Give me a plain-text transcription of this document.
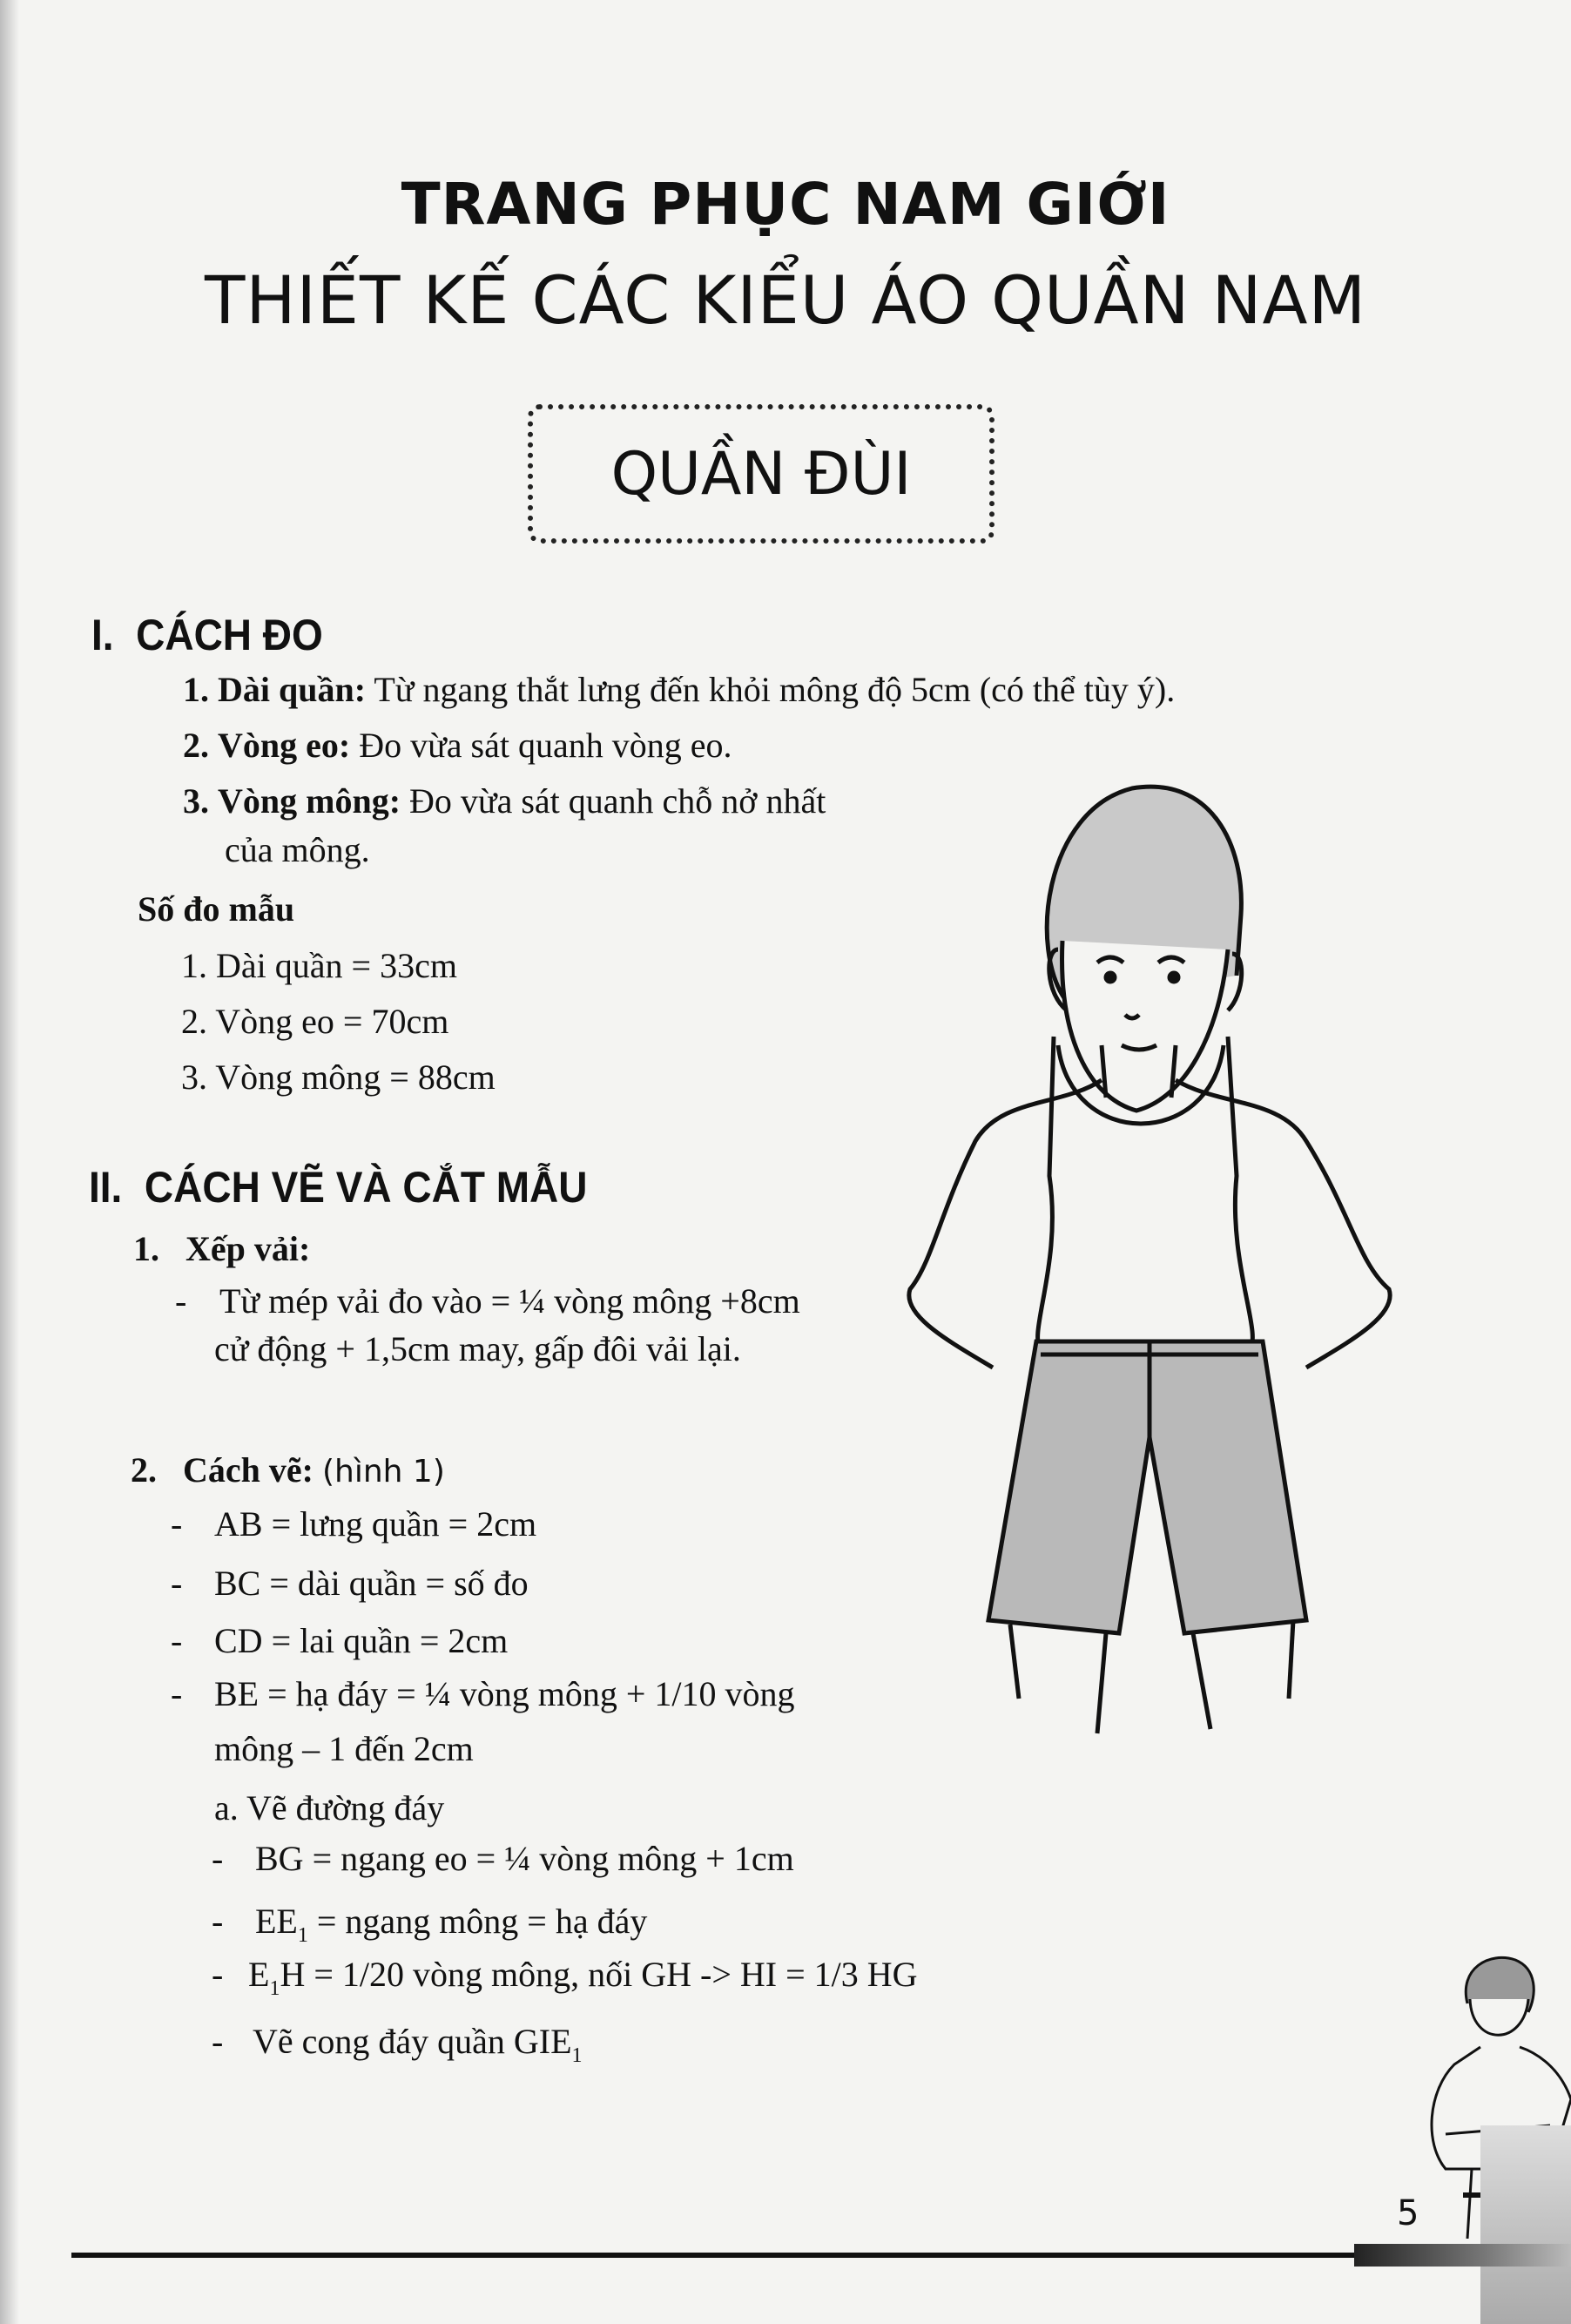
TRANG PHỤC NAM GIỚI
THIẾT KẾ CÁC KIỂU ÁO QUẦN NAM
QUẦN ĐÙI
I. CÁCH ĐO
1. Dài quần: Từ ngang thắt lưng đến khỏi mông độ 5cm (có thể tùy ý).
2. Vòng eo: Đo vừa sát quanh vòng eo.
3. Vòng mông: Đo vừa sát quanh chỗ nở nhất
của mông.
Số đo mẫu
1. Dài quần = 33cm
2. Vòng eo = 70cm
3. Vòng mông = 88cm
II. CÁCH VẼ VÀ CẮT MẪU
1. Xếp vải:
- Từ mép vải đo vào = ¼ vòng mông +8cm
cử động + 1,5cm may, gấp đôi vải lại.
2. Cách vẽ: (hình 1)
- AB = lưng quần = 2cm
- BC = dài quần = số đo
- CD = lai quần = 2cm
- BE = hạ đáy = ¼ vòng mông + 1/10 vòng
mông – 1 đến 2cm
a. Vẽ đường đáy
- BG = ngang eo = ¼ vòng mông + 1cm
- $EE_1$ = ngang mông = hạ đáy
- $E_1H = 1/20$ vòng mông, nối GH -> HI = 1/3 HG
- Vẽ cong đáy quần $GIE_1$
5
